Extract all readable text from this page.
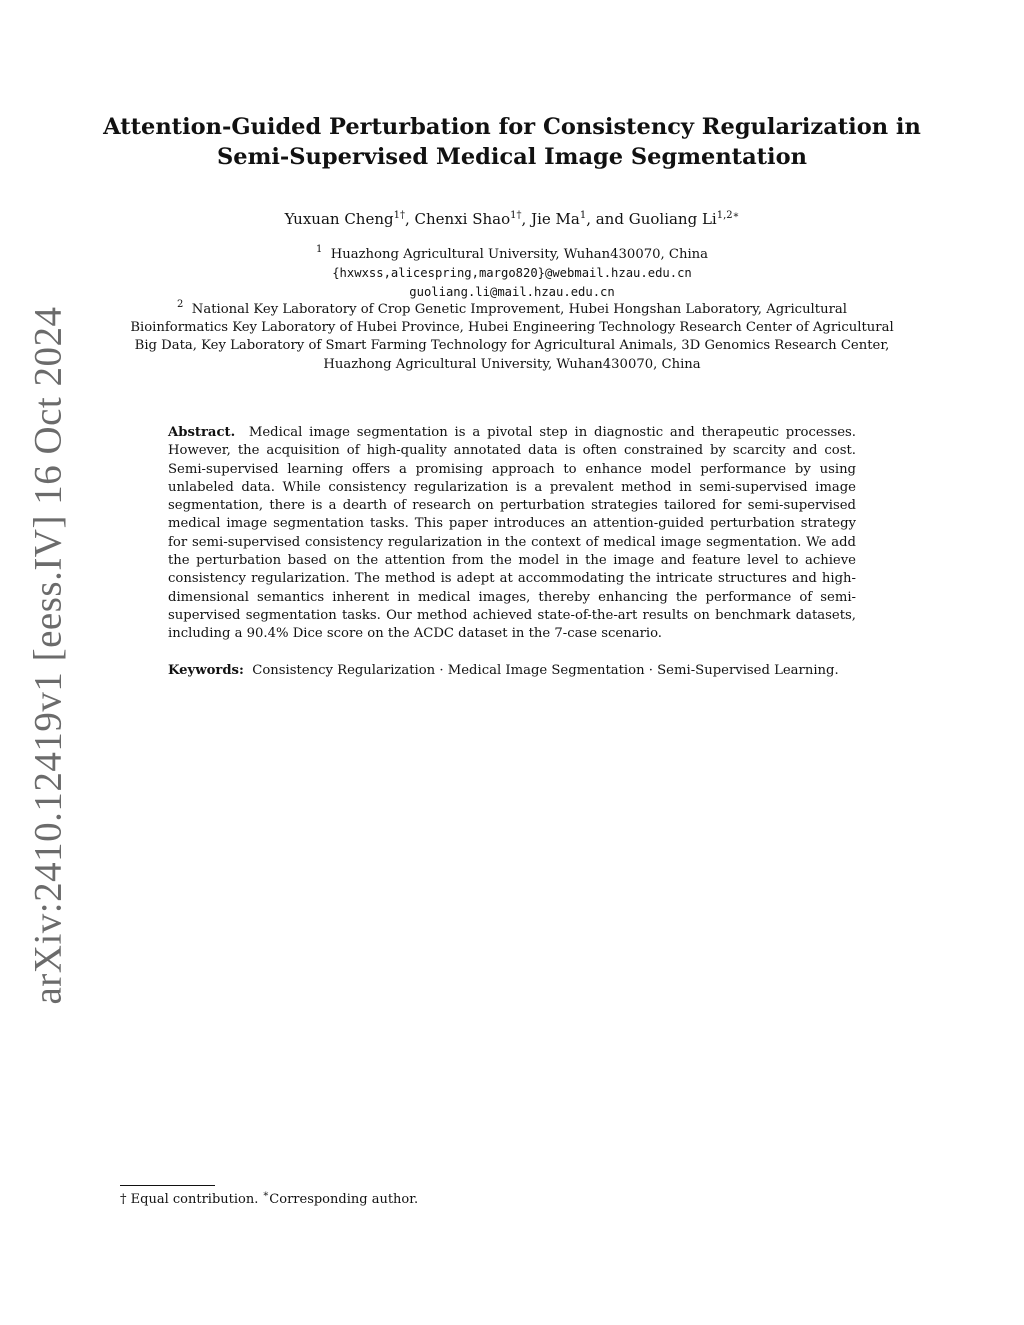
arXiv:2410.12419v1 [eess.IV] 16 Oct 2024
Attention-Guided Perturbation for Consistency Regularization in
Semi-Supervised Medical Image Segmentation
Yuxuan Cheng$^{1\dagger}$, Chenxi Shao$^{1\dagger}$, Jie Ma$^1$, and Guoliang $Li^{1,2∗}$
$^1$ Huazhong Agricultural University, Wuhan430070, China
{hxwxss,alicespring,margo820}@webmail.hzau.edu.cn
guoliang.li@mail.hzau.edu.cn
$^2$ National Key Laboratory of Crop Genetic Improvement, Hubei Hongshan Laboratory, Agricultural
Bioinformatics Key Laboratory of Hubei Province, Hubei Engineering Technology Research Center of Agricultural
Big Data, Key Laboratory of Smart Farming Technology for Agricultural Animals, 3D Genomics Research Center,
Huazhong Agricultural University, Wuhan430070, China

Abstract. Medical image segmentation is a pivotal step in diagnostic and therapeutic processes. However, the acquisition of high-quality annotated data is often constrained by scarcity and cost. Semi-supervised learning offers a promising approach to enhance model performance by using unlabeled data. While consistency regularization is a prevalent method in semi-supervised image segmentation, there is a dearth of research on perturbation strategies tailored for semi-supervised medical image segmentation tasks. This paper introduces an attention-guided perturbation strategy for semi-supervised consistency regularization in the context of medical image segmentation. We add the perturbation based on the attention from the model in the image and feature level to achieve consistency regularization. The method is adept at accommodating the intricate structures and high-dimensional semantics inherent in medical images, thereby enhancing the performance of semi-supervised segmentation tasks. Our method achieved state-of-the-art results on benchmark datasets, including a 90.4% Dice score on the ACDC dataset in the 7-case scenario.

Keywords: Consistency Regularization · Medical Image Segmentation · Semi-Supervised Learning.

† Equal contribution. ∗Corresponding author.
